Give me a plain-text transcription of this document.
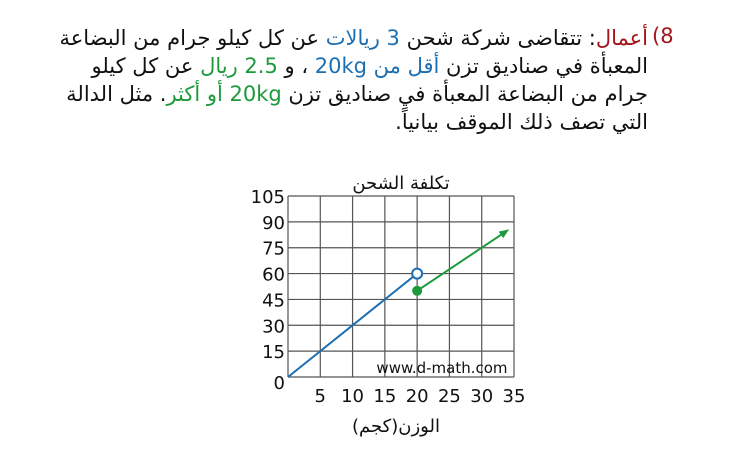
(8
أعمال: تتقاضى شركة شحن 3 ريالات عن كل كيلو جرام من البضاعة المعبأة في صناديق تزن أقل من 20kg ، و 2.5 ريال عن كل كيلو جرام من البضاعة المعبأة في صناديق تزن 20kg أو أكثر. مثل الدالة التي تصف ذلك الموقف بيانياً.
تكلفة الشحن
5 10 15 20 25 30 35
0
15
30
45
60
75
90
105
www.d-math.com
الوزن(كجم)
